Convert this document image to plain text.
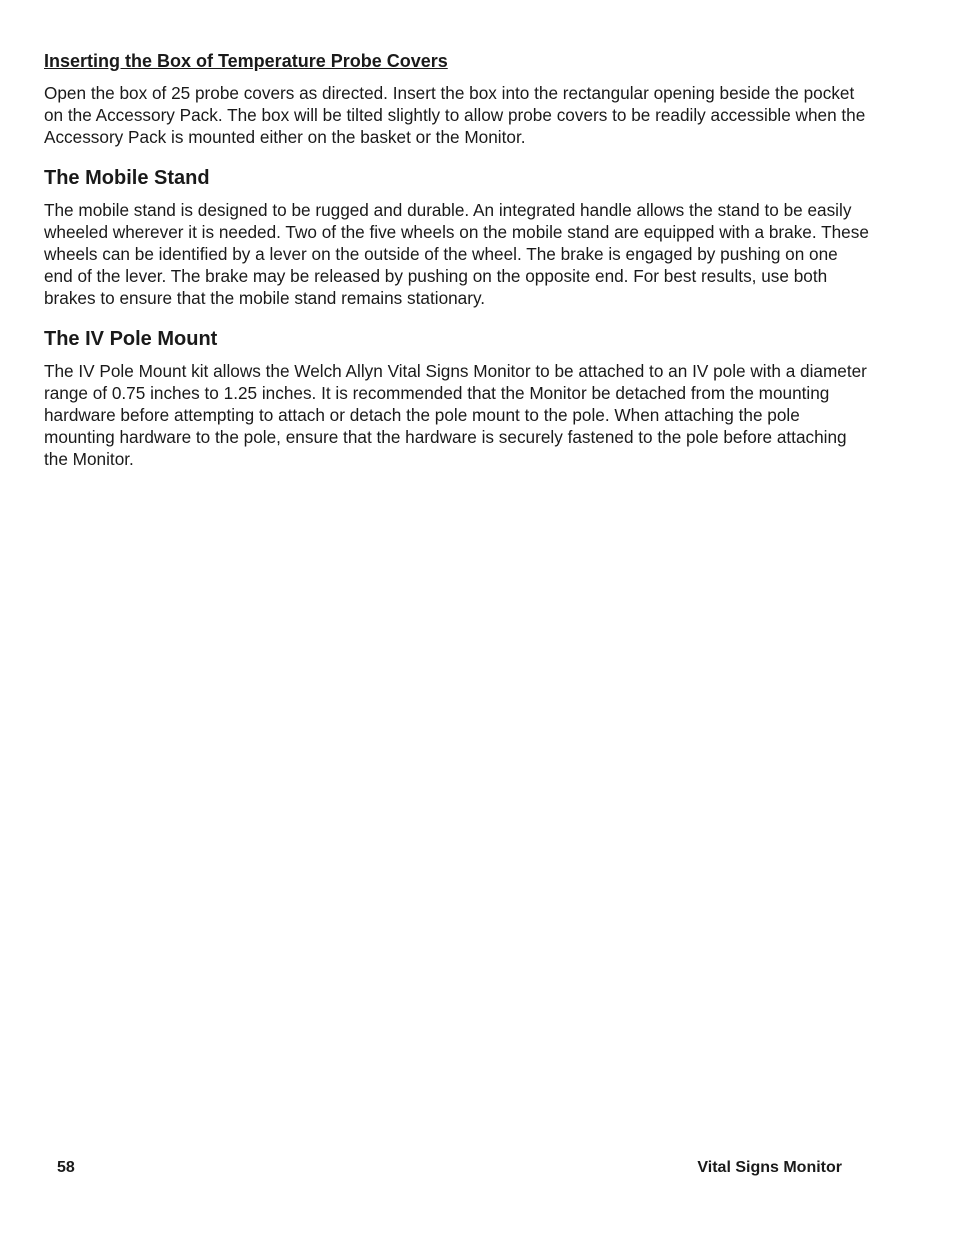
Inserting the Box of Temperature Probe Covers

Open the box of 25 probe covers as directed. Insert the box into the rectangular opening beside the pocket on the Accessory Pack. The box will be tilted slightly to allow probe covers to be readily accessible when the Accessory Pack is mounted either on the basket or the Monitor.

The Mobile Stand

The mobile stand is designed to be rugged and durable. An integrated handle allows the stand to be easily wheeled wherever it is needed. Two of the five wheels on the mobile stand are equipped with a brake. These wheels can be identified by a lever on the outside of the wheel. The brake is engaged by pushing on one end of the lever. The brake may be released by pushing on the opposite end. For best results, use both brakes to ensure that the mobile stand remains stationary.

The IV Pole Mount

The IV Pole Mount kit allows the Welch Allyn Vital Signs Monitor to be attached to an IV pole with a diameter range of 0.75 inches to 1.25 inches. It is recommended that the Monitor be detached from the mounting hardware before attempting to attach or detach the pole mount to the pole. When attaching the pole mounting hardware to the pole, ensure that the hardware is securely fastened to the pole before attaching the Monitor.

58	Vital Signs Monitor
